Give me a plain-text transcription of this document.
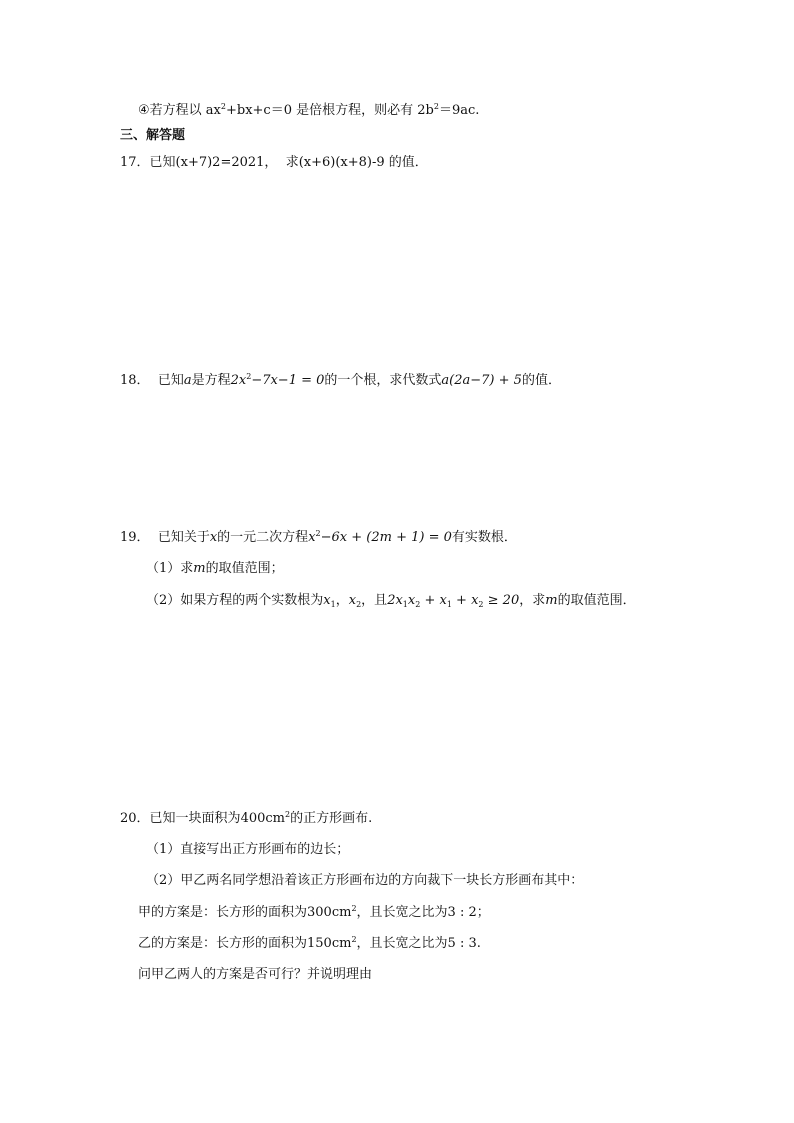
④若方程以 $ax^2+bx+c=0$ 是倍根方程，则必有 $2b^2=9ac$.
三、解答题
17．已知(x+7)2=2021， 求(x+6)(x+8)-9 的值．
18． 已知a是方程$2x^2-7x-1 = 0$的一个根，求代数式a(2a−7) + 5的值．
19． 已知关于x的一元二次方程$x^2-6x + (2m + 1) = 0$有实数根．
（1）求m的取值范围；
（2）如果方程的两个实数根为$x_1$，$x_2$，且$2x_1x_2 + x_1 + x_2 \ge 20$，求m的取值范围．
20．已知一块面积为$400cm^2$的正方形画布.
（1）直接写出正方形画布的边长；
（2）甲乙两名同学想沿着该正方形画布边的方向裁下一块长方形画布其中：
甲的方案是：长方形的面积为$300cm^2$，且长宽之比为3 : 2；
乙的方案是：长方形的面积为$150cm^2$，且长宽之比为5 : 3.
问甲乙两人的方案是否可行？并说明理由
